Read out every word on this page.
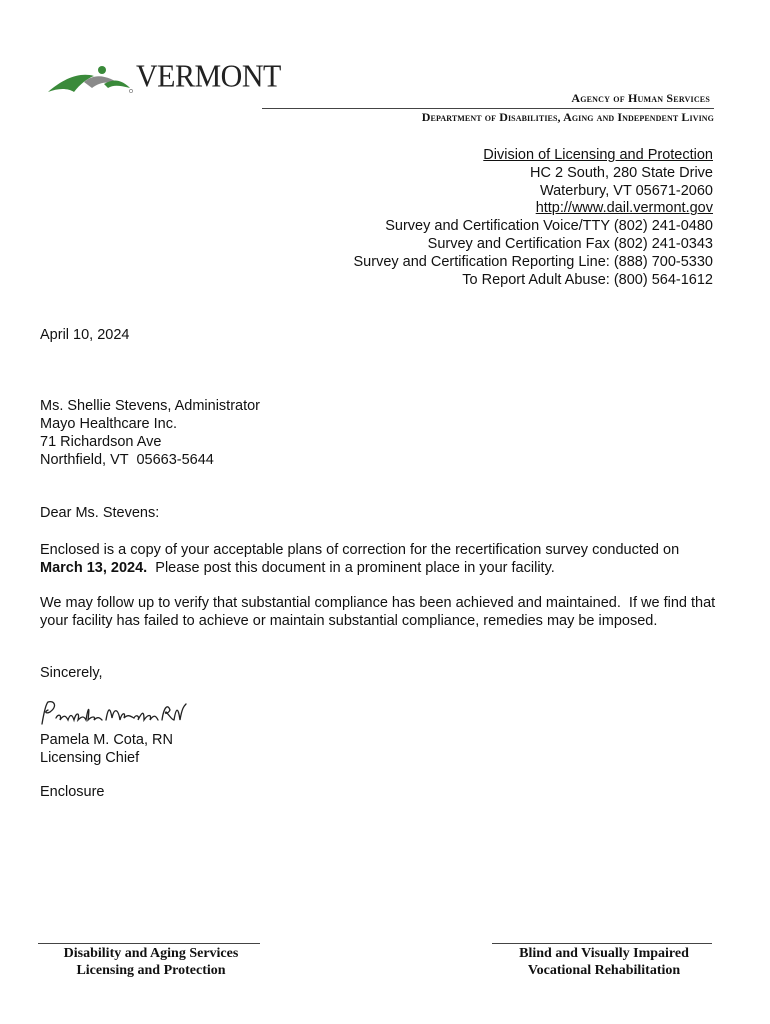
VERMONT
Agency of Human Services
Department of Disabilities, Aging and Independent Living
Division of Licensing and Protection
HC 2 South, 280 State Drive
Waterbury, VT 05671-2060
http://www.dail.vermont.gov
Survey and Certification Voice/TTY (802) 241-0480
Survey and Certification Fax (802) 241-0343
Survey and Certification Reporting Line: (888) 700-5330
To Report Adult Abuse: (800) 564-1612
April 10, 2024
Ms. Shellie Stevens, Administrator
Mayo Healthcare Inc.
71 Richardson Ave
Northfield, VT  05663-5644
Dear Ms. Stevens:
Enclosed is a copy of your acceptable plans of correction for the recertification survey conducted on March 13, 2024.  Please post this document in a prominent place in your facility.
We may follow up to verify that substantial compliance has been achieved and maintained.  If we find that your facility has failed to achieve or maintain substantial compliance, remedies may be imposed.
Sincerely,
Pamela M. Cota, RN
Licensing Chief
Enclosure
Disability and Aging Services
Licensing and Protection
Blind and Visually Impaired
Vocational Rehabilitation
